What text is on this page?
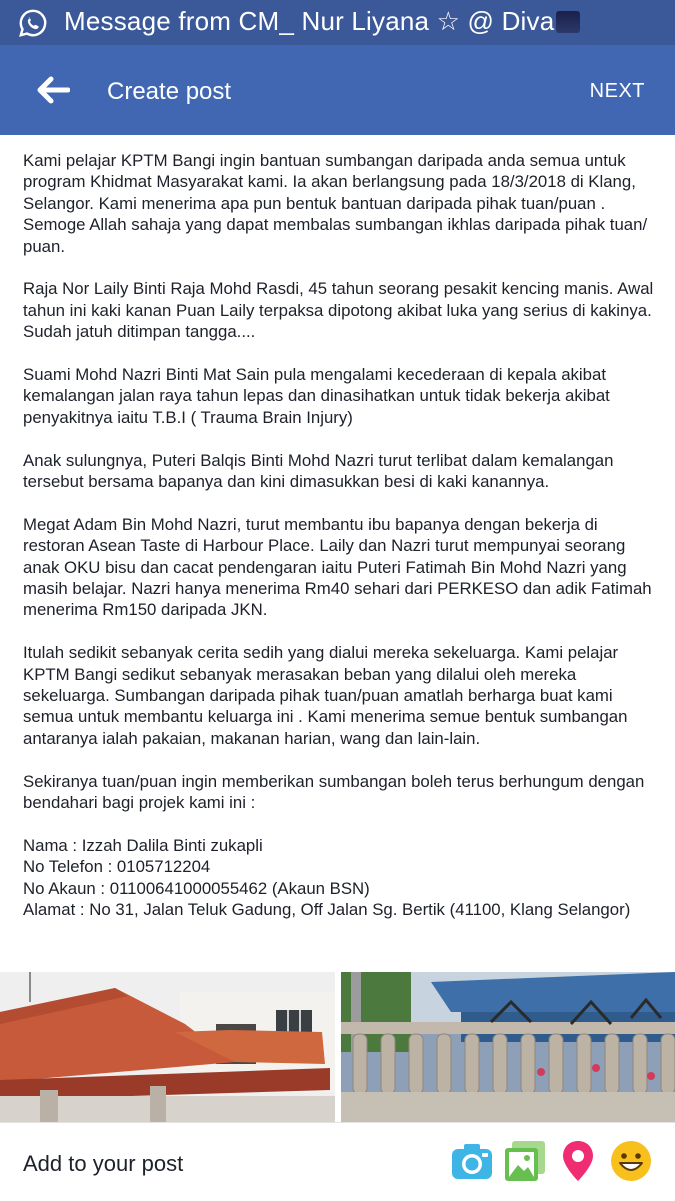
Message from CM_ Nur Liyana ☆ @ Diva
Create post	NEXT

Kami pelajar KPTM Bangi ingin bantuan sumbangan daripada anda semua untuk program Khidmat Masyarakat kami. Ia akan berlangsung pada 18/3/2018 di Klang, Selangor. Kami menerima apa pun bentuk bantuan daripada pihak tuan/puan . Semoge Allah sahaja yang dapat membalas sumbangan ikhlas daripada pihak tuan/ puan.

Raja Nor Laily Binti Raja Mohd Rasdi, 45 tahun seorang pesakit kencing manis. Awal tahun ini kaki kanan Puan Laily terpaksa dipotong akibat luka yang serius di kakinya. Sudah jatuh ditimpan tangga....

Suami Mohd Nazri Binti Mat Sain pula mengalami kecederaan di kepala akibat kemalangan jalan raya tahun lepas dan dinasihatkan untuk tidak bekerja akibat penyakitnya iaitu T.B.I ( Trauma Brain Injury)

Anak sulungnya, Puteri Balqis Binti Mohd Nazri turut terlibat dalam kemalangan tersebut bersama bapanya dan kini dimasukkan besi di kaki kanannya.

Megat Adam Bin Mohd Nazri, turut membantu ibu bapanya dengan bekerja di restoran Asean Taste di Harbour Place. Laily dan Nazri turut mempunyai seorang anak OKU bisu dan cacat pendengaran iaitu Puteri Fatimah Bin Mohd Nazri yang masih belajar. Nazri hanya menerima Rm40 sehari dari PERKESO dan adik Fatimah menerima Rm150 daripada JKN.

Itulah sedikit sebanyak cerita sedih yang dialui mereka sekeluarga. Kami pelajar KPTM Bangi sedikut sebanyak merasakan beban yang dilalui oleh mereka sekeluarga. Sumbangan daripada pihak tuan/puan amatlah berharga buat kami semua untuk membantu keluarga ini . Kami menerima semue bentuk sumbangan antaranya ialah pakaian, makanan harian, wang dan lain-lain.

Sekiranya tuan/puan ingin memberikan sumbangan boleh terus berhungum dengan bendahari bagi projek kami ini :

Nama : Izzah Dalila Binti zukapli

No Telefon : 0105712204

No Akaun : 01100641000055462 (Akaun BSN)

Alamat : No 31, Jalan Teluk Gadung, Off Jalan Sg. Bertik (41100, Klang Selangor)

Add to your post
